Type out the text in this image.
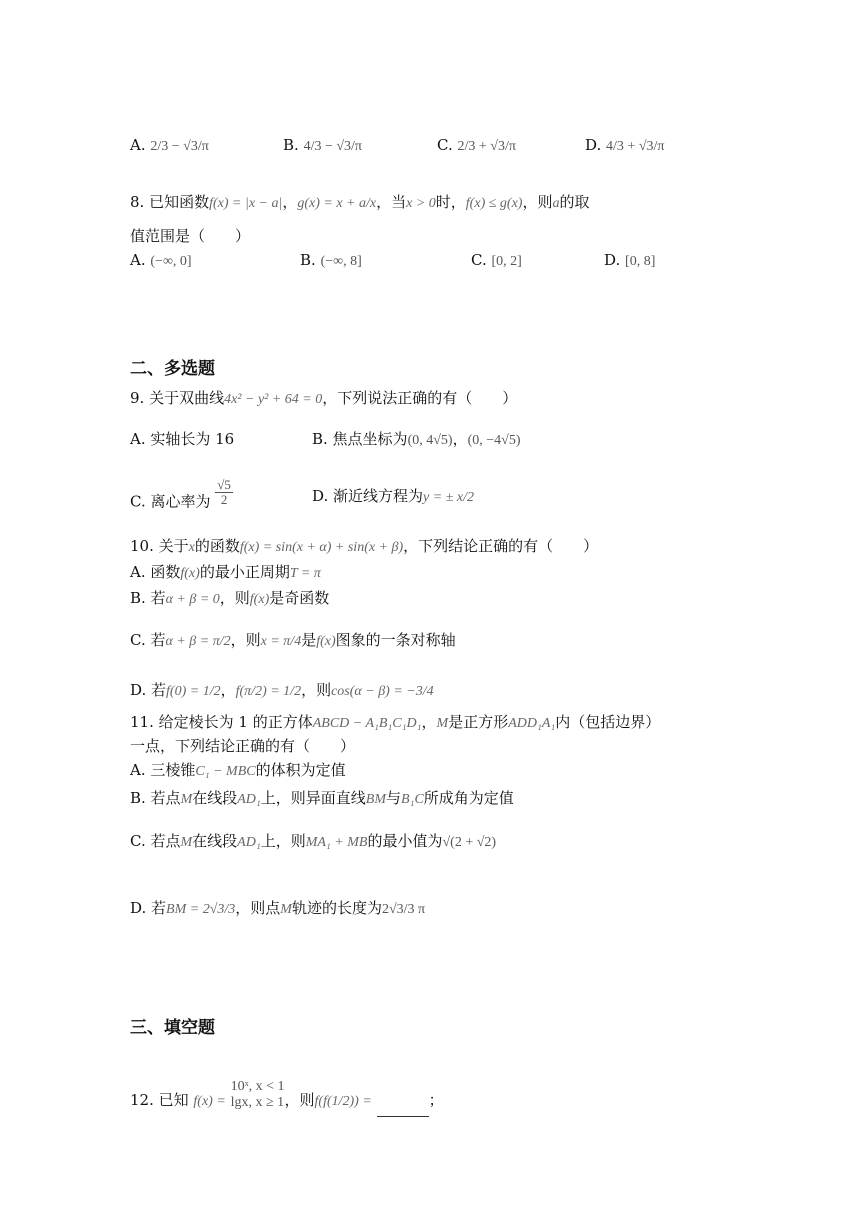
A. 2/3 − √3/π	B. 4/3 − √3/π	C. 2/3 + √3/π	D. 4/3 + √3/π
8. 已知函数f(x) = |x − a|，g(x) = x + a/x，当x > 0时，f(x) ≤ g(x)，则a的取
值范围是（　　）
A. (−∞, 0]	B. (−∞, 8]	C. [0, 2]	D. [0, 8]
二、多选题
9. 关于双曲线4x² − y² + 64 = 0，下列说法正确的有（　　）
A. 实轴长为 16	B. 焦点坐标为(0, 4√5)，(0, −4√5)
C. 离心率为 $\frac{√5}{2}$	D. 渐近线方程为y = ± x/2
10. 关于x的函数f(x) = sin(x + α) + sin(x + β)，下列结论正确的有（　　）
A. 函数f(x)的最小正周期T = π
B. 若α + β = 0，则f(x)是奇函数
C. 若α + β = π/2，则x = π/4是f(x)图象的一条对称轴
D. 若f(0) = 1/2，f(π/2) = 1/2，则cos(α − β) = −3/4
11. 给定棱长为 1 的正方体ABCD − A₁B₁C₁D₁，M是正方形ADD₁A₁内（包括边界）
一点，下列结论正确的有（　　）
A. 三棱锥C₁ − MBC的体积为定值
B. 若点M在线段AD₁上，则异面直线BM与B₁C所成角为定值
C. 若点M在线段AD₁上，则MA₁ + MB的最小值为√(2 + √2)
D. 若BM = 2√3/3，则点M轨迹的长度为2√3/3 π
三、填空题
12. 已知 f(x) =
10ˣ, x < 1
lgx, x ≥ 1 ，则f(f(1/2)) =	；
